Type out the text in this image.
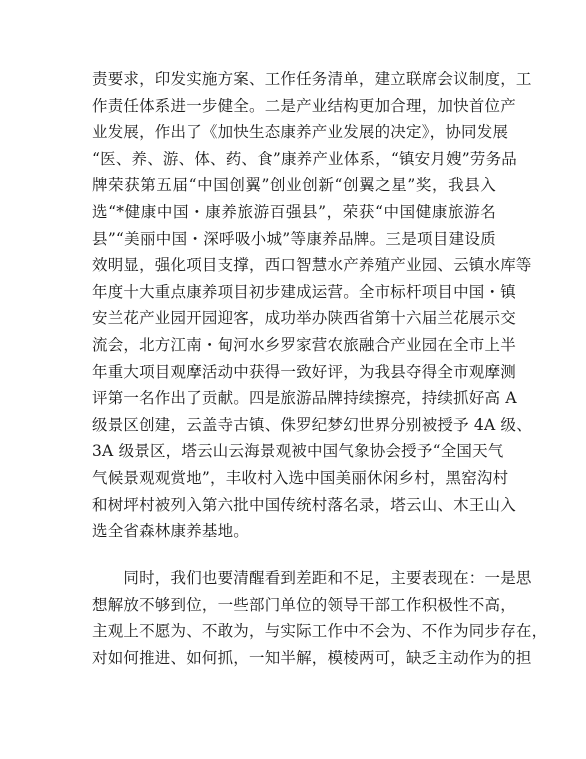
责要求，印发实施方案、工作任务清单，建立联席会议制度，工
作责任体系进一步健全。二是产业结构更加合理，加快首位产
业发展，作出了《加快生态康养产业发展的决定》，协同发展
“医、养、游、体、药、食”康养产业体系，“镇安月嫂”劳务品
牌荣获第五届“中国创翼”创业创新“创翼之星”奖，我县入
选“*健康中国・康养旅游百强县”，荣获“中国健康旅游名
县”“美丽中国・深呼吸小城”等康养品牌。三是项目建设质
效明显，强化项目支撑，西口智慧水产养殖产业园、云镇水库等
年度十大重点康养项目初步建成运营。全市标杆项目中国・镇
安兰花产业园开园迎客，成功举办陕西省第十六届兰花展示交
流会，北方江南・甸河水乡罗家营农旅融合产业园在全市上半
年重大项目观摩活动中获得一致好评，为我县夺得全市观摩测
评第一名作出了贡献。四是旅游品牌持续擦亮，持续抓好高 A
级景区创建，云盖寺古镇、侏罗纪梦幻世界分别被授予 4A 级、
3A 级景区，塔云山云海景观被中国气象协会授予“全国天气
气候景观观赏地”，丰收村入选中国美丽休闲乡村，黑窑沟村
和树坪村被列入第六批中国传统村落名录，塔云山、木王山入
选全省森林康养基地。
　　同时，我们也要清醒看到差距和不足，主要表现在：一是思
想解放不够到位，一些部门单位的领导干部工作积极性不高，
主观上不愿为、不敢为，与实际工作中不会为、不作为同步存在，
对如何推进、如何抓，一知半解，模棱两可，缺乏主动作为的担
